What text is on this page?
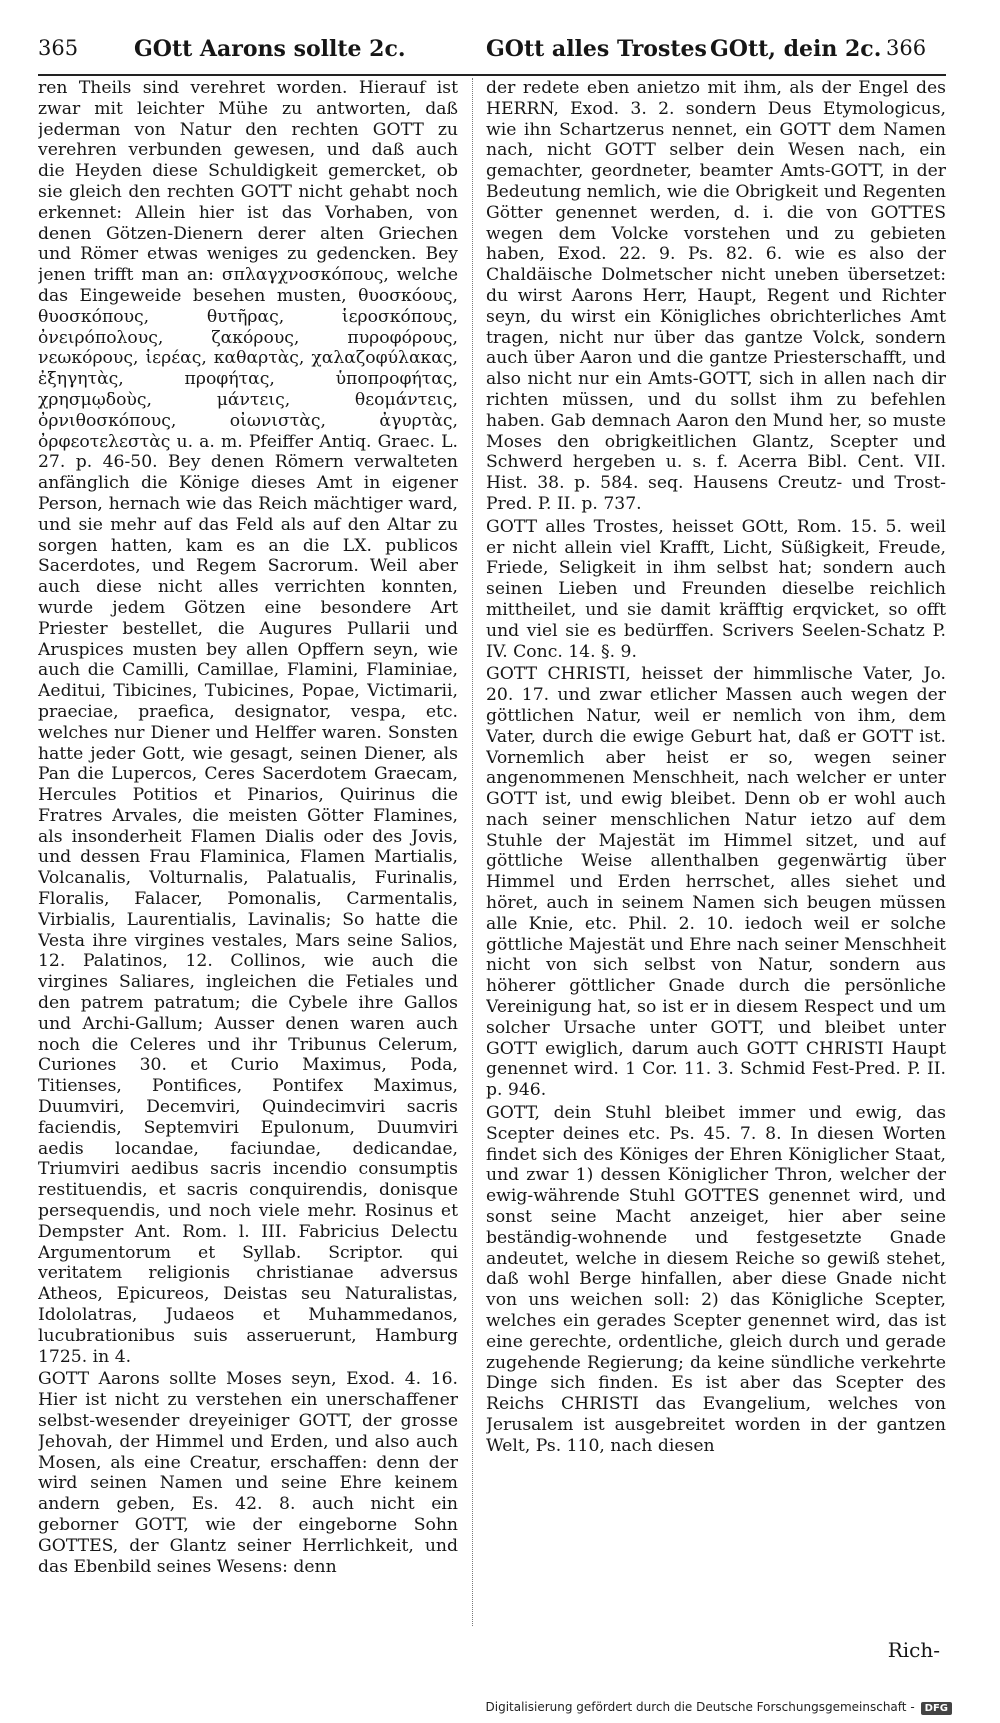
365	GOtt Aarons sollte 2c.	GOtt alles Trostes GOtt, dein 2c. 366

ren Theils sind verehret worden. Hierauf ist zwar mit leichter Mühe zu antworten, daß jederman von Natur den rechten GOTT zu verehren verbunden gewesen, und daß auch die Heyden diese Schuldigkeit gemercket, ob sie gleich den rechten GOTT nicht gehabt noch erkennet: Allein hier ist das Vorhaben, von denen Götzen-Dienern derer alten Griechen und Römer etwas weniges zu gedencken. Bey jenen trifft man an: σπλαγχνοσκόπους, welche das Eingeweide besehen musten, θυοσκόους, θυοσκόπους, θυτῆρας, ἱεροσκόπους, ὀνειρόπολους, ζακόρους, πυροφόρους, νεωκόρους, ἱερέας, καθαρτὰς, χαλαζοφύλακας, ἐξηγητὰς, προφήτας, ὑποπροφήτας, χρησμῳδοὺς, μάντεις, θεομάντεις, ὀρνιθοσκόπους, οἰωνιστὰς, ἀγυρτὰς, ὀρφεοτελεστὰς u. a. m. Pfeiffer Antiq. Graec. L. 27. p. 46-50. Bey denen Römern verwalteten anfänglich die Könige dieses Amt in eigener Person, hernach wie das Reich mächtiger ward, und sie mehr auf das Feld als auf den Altar zu sorgen hatten, kam es an die LX. publicos Sacerdotes, und Regem Sacrorum. Weil aber auch diese nicht alles verrichten konnten, wurde jedem Götzen eine besondere Art Priester bestellet, die Augures Pullarii und Aruspices musten bey allen Opffern seyn, wie auch die Camilli, Camillae, Flamini, Flaminiae, Aeditui, Tibicines, Tubicines, Popae, Victimarii, praeciae, praefica, designator, vespa, etc. welches nur Diener und Helffer waren. Sonsten hatte jeder Gott, wie gesagt, seinen Diener, als Pan die Lupercos, Ceres Sacerdotem Graecam, Hercules Potitios et Pinarios, Quirinus die Fratres Arvales, die meisten Götter Flamines, als insonderheit Flamen Dialis oder des Jovis, und dessen Frau Flaminica, Flamen Martialis, Volcanalis, Volturnalis, Palatualis, Furinalis, Floralis, Falacer, Pomonalis, Carmentalis, Virbialis, Laurentialis, Lavinalis; So hatte die Vesta ihre virgines vestales, Mars seine Salios, 12. Palatinos, 12. Collinos, wie auch die virgines Saliares, ingleichen die Fetiales und den patrem patratum; die Cybele ihre Gallos und Archi-Gallum; Ausser denen waren auch noch die Celeres und ihr Tribunus Celerum, Curiones 30. et Curio Maximus, Poda, Titienses, Pontifices, Pontifex Maximus, Duumviri, Decemviri, Quindecimviri sacris faciendis, Septemviri Epulonum, Duumviri aedis locandae, faciundae, dedicandae, Triumviri aedibus sacris incendio consumptis restituendis, et sacris conquirendis, donisque persequendis, und noch viele mehr. Rosinus et Dempster Ant. Rom. l. III. Fabricius Delectu Argumentorum et Syllab. Scriptor. qui veritatem religionis christianae adversus Atheos, Epicureos, Deistas seu Naturalistas, Idololatras, Judaeos et Muhammedanos, lucubrationibus suis asseruerunt, Hamburg 1725. in 4.

GOTT Aarons sollte Moses seyn, Exod. 4. 16. Hier ist nicht zu verstehen ein unerschaffener selbst-wesender dreyeiniger GOTT, der grosse Jehovah, der Himmel und Erden, und also auch Mosen, als eine Creatur, erschaffen: denn der wird seinen Namen und seine Ehre keinem andern geben, Es. 42. 8. auch nicht ein geborner GOTT, wie der eingeborne Sohn GOTTES, der Glantz seiner Herrlichkeit, und das Ebenbild seines Wesens: denn

der redete eben anietzo mit ihm, als der Engel des HERRN, Exod. 3. 2. sondern Deus Etymologicus, wie ihn Schartzerus nennet, ein GOTT dem Namen nach, nicht GOTT selber dein Wesen nach, ein gemachter, geordneter, beamter Amts-GOTT, in der Bedeutung nemlich, wie die Obrigkeit und Regenten Götter genennet werden, d. i. die von GOTTES wegen dem Volcke vorstehen und zu gebieten haben, Exod. 22. 9. Ps. 82. 6. wie es also der Chaldäische Dolmetscher nicht uneben übersetzet: du wirst Aarons Herr, Haupt, Regent und Richter seyn, du wirst ein Königliches obrichterliches Amt tragen, nicht nur über das gantze Volck, sondern auch über Aaron und die gantze Priesterschafft, und also nicht nur ein Amts-GOTT, sich in allen nach dir richten müssen, und du sollst ihm zu befehlen haben. Gab demnach Aaron den Mund her, so muste Moses den obrigkeitlichen Glantz, Scepter und Schwerd hergeben u. s. f. Acerra Bibl. Cent. VII. Hist. 38. p. 584. seq. Hausens Creutz- und Trost-Pred. P. II. p. 737.

GOTT alles Trostes, heisset GOtt, Rom. 15. 5. weil er nicht allein viel Krafft, Licht, Süßigkeit, Freude, Friede, Seligkeit in ihm selbst hat; sondern auch seinen Lieben und Freunden dieselbe reichlich mittheilet, und sie damit kräfftig erqvicket, so offt und viel sie es bedürffen. Scrivers Seelen-Schatz P. IV. Conc. 14. §. 9.

GOTT CHRISTI, heisset der himmlische Vater, Jo. 20. 17. und zwar etlicher Massen auch wegen der göttlichen Natur, weil er nemlich von ihm, dem Vater, durch die ewige Geburt hat, daß er GOTT ist. Vornemlich aber heist er so, wegen seiner angenommenen Menschheit, nach welcher er unter GOTT ist, und ewig bleibet. Denn ob er wohl auch nach seiner menschlichen Natur ietzo auf dem Stuhle der Majestät im Himmel sitzet, und auf göttliche Weise allenthalben gegenwärtig über Himmel und Erden herrschet, alles siehet und höret, auch in seinem Namen sich beugen müssen alle Knie, etc. Phil. 2. 10. iedoch weil er solche göttliche Majestät und Ehre nach seiner Menschheit nicht von sich selbst von Natur, sondern aus höherer göttlicher Gnade durch die persönliche Vereinigung hat, so ist er in diesem Respect und um solcher Ursache unter GOTT, und bleibet unter GOTT ewiglich, darum auch GOTT CHRISTI Haupt genennet wird. 1 Cor. 11. 3. Schmid Fest-Pred. P. II. p. 946.

GOTT, dein Stuhl bleibet immer und ewig, das Scepter deines etc. Ps. 45. 7. 8. In diesen Worten findet sich des Königes der Ehren Königlicher Staat, und zwar 1) dessen Königlicher Thron, welcher der ewig-währende Stuhl GOTTES genennet wird, und sonst seine Macht anzeiget, hier aber seine beständig-wohnende und festgesetzte Gnade andeutet, welche in diesem Reiche so gewiß stehet, daß wohl Berge hinfallen, aber diese Gnade nicht von uns weichen soll: 2) das Königliche Scepter, welches ein gerades Scepter genennet wird, das ist eine gerechte, ordentliche, gleich durch und gerade zugehende Regierung; da keine sündliche verkehrte Dinge sich finden. Es ist aber das Scepter des Reichs CHRISTI das Evangelium, welches von Jerusalem ist ausgebreitet worden in der gantzen Welt, Ps. 110, nach diesen

Rich-
Digitalisierung gefördert durch die Deutsche Forschungsgemeinschaft - DFG
